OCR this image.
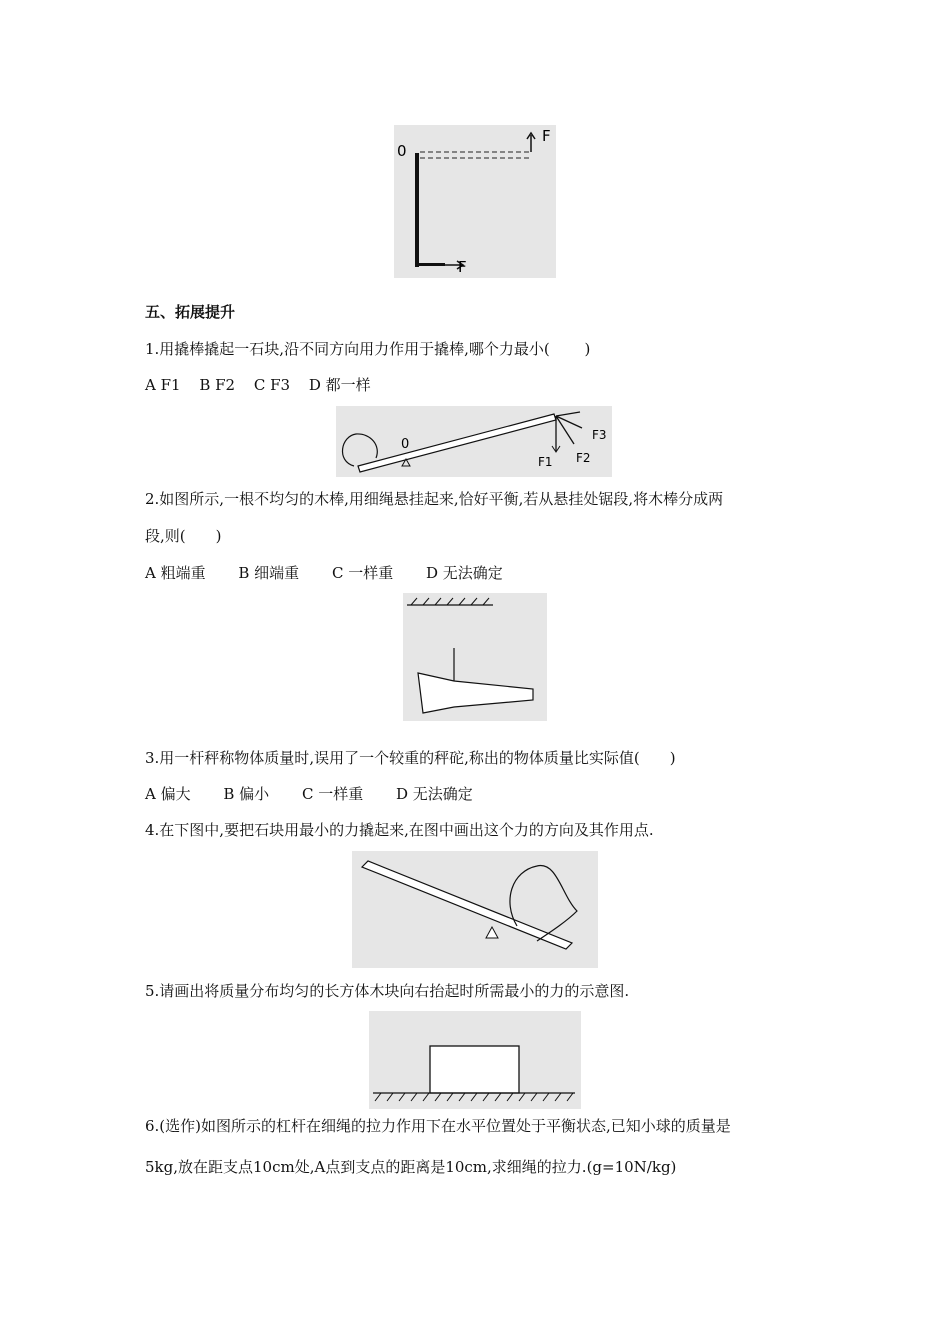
0
F
F
五、拓展提升
1.用撬棒撬起一石块,沿不同方向用力作用于撬棒,哪个力最小(　　 )
A F1 B F2 C F3 D 都一样
0
F1 F2
F3
2.如图所示,一根不均匀的木棒,用细绳悬挂起来,恰好平衡,若从悬挂处锯段,将木棒分成两
段,则(　　)
A 粗端重 B 细端重 C 一样重 D 无法确定
3.用一杆秤称物体质量时,误用了一个较重的秤砣,称出的物体质量比实际值(　　)
A 偏大 B 偏小 C 一样重 D 无法确定
4.在下图中,要把石块用最小的力撬起来,在图中画出这个力的方向及其作用点.
5.请画出将质量分布均匀的长方体木块向右抬起时所需最小的力的示意图.
6.(选作)如图所示的杠杆在细绳的拉力作用下在水平位置处于平衡状态,已知小球的质量是
5kg,放在距支点10cm处,A点到支点的距离是10cm,求细绳的拉力.(g=10N/kg)
